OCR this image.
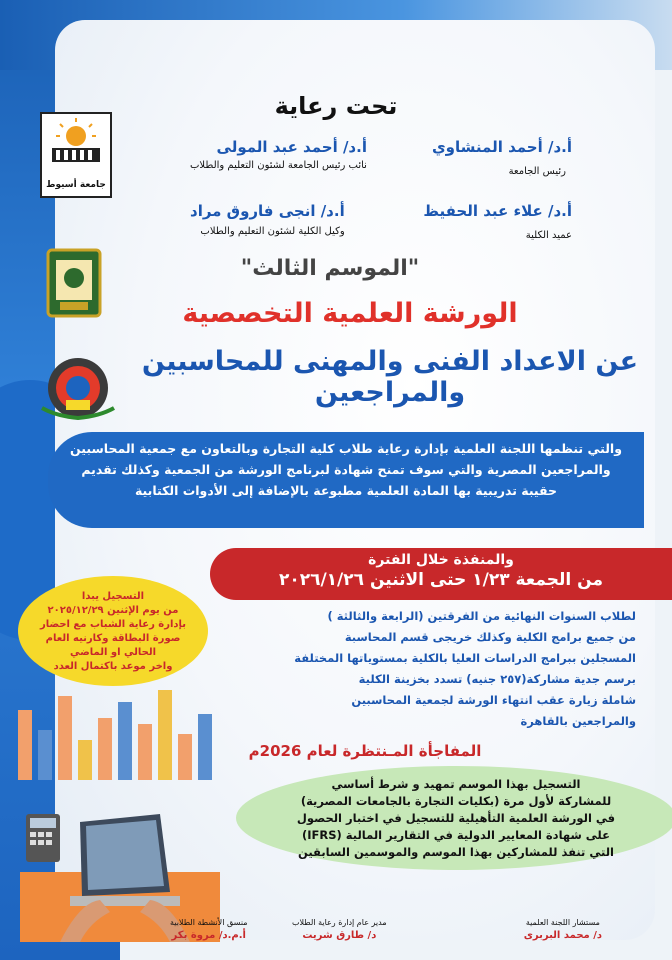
جامعة أسيوط
تحت رعاية
أ.د/ أحمد المنشاوي
رئيس الجامعة
أ.د/ أحمد عبد المولى
نائب رئيس الجامعة لشئون التعليم والطلاب
أ.د/ علاء عبد الحفيظ
عميد الكلية
أ.د/ انجى فاروق مراد
وكيل الكلية لشئون التعليم والطلاب
"الموسم الثالث"
الورشة العلمية التخصصية
عن الاعداد الفنى والمهنى للمحاسبين والمراجعين
والتي تنظمها اللجنة العلمية بإدارة رعاية طلاب كلية التجارة وبالتعاون مع جمعية المحاسبين والمراجعين المصرية والتي سوف تمنح شهادة لبرنامج الورشة من الجمعية وكذلك تقديم حقيبة تدريبية بها المادة العلمية مطبوعة بالإضافة إلى الأدوات الكتابية
والمنفذة خلال الفترة
من الجمعة ١/٢٣ حتى الاثنين ٢٠٢٦/١/٢٦
التسجيل يبدا
من يوم الإثنين ٢٠٢٥/١٢/٢٩
بإدارة رعاية الشباب مع احضار
صورة البطاقة وكارنيه العام
الحالي او الماضي
واخر موعد باكتمال العدد
لطلاب السنوات النهائية من الفرقتين (الرابعة والثالثة )
من جميع برامج الكلية وكذلك خريجى قسم المحاسبة
المسجلين ببرامج الدراسات العليا بالكلية بمستوياتها المختلفة
برسم جدية مشاركة(٢٥٧ جنيه) تسدد بخزينة الكلية
شاملة زيارة عقب انتهاء الورشة لجمعية المحاسبين
والمراجعين بالقاهرة
المفاجأة المـنتظرة لعام 2026م
التسجيل بهذا الموسم تمهيد و شرط أساسي
للمشاركة لأول مرة (بكليات التجارة بالجامعات المصرية)
في الورشة العلمية التأهيلية للتسجيل في اختبار الحصول
على شهادة المعايير الدولية في التقارير المالية (IFRS)
التي تنفذ للمشاركين بهذا الموسم والموسمين السابقين
مستشار اللجنة العلمية
د/ محمد البربرى
مدير عام إدارة رعاية الطلاب
د/ طارق شريت
منسق الأنشطة الطلابية
أ.م.د/ مروة بكر
